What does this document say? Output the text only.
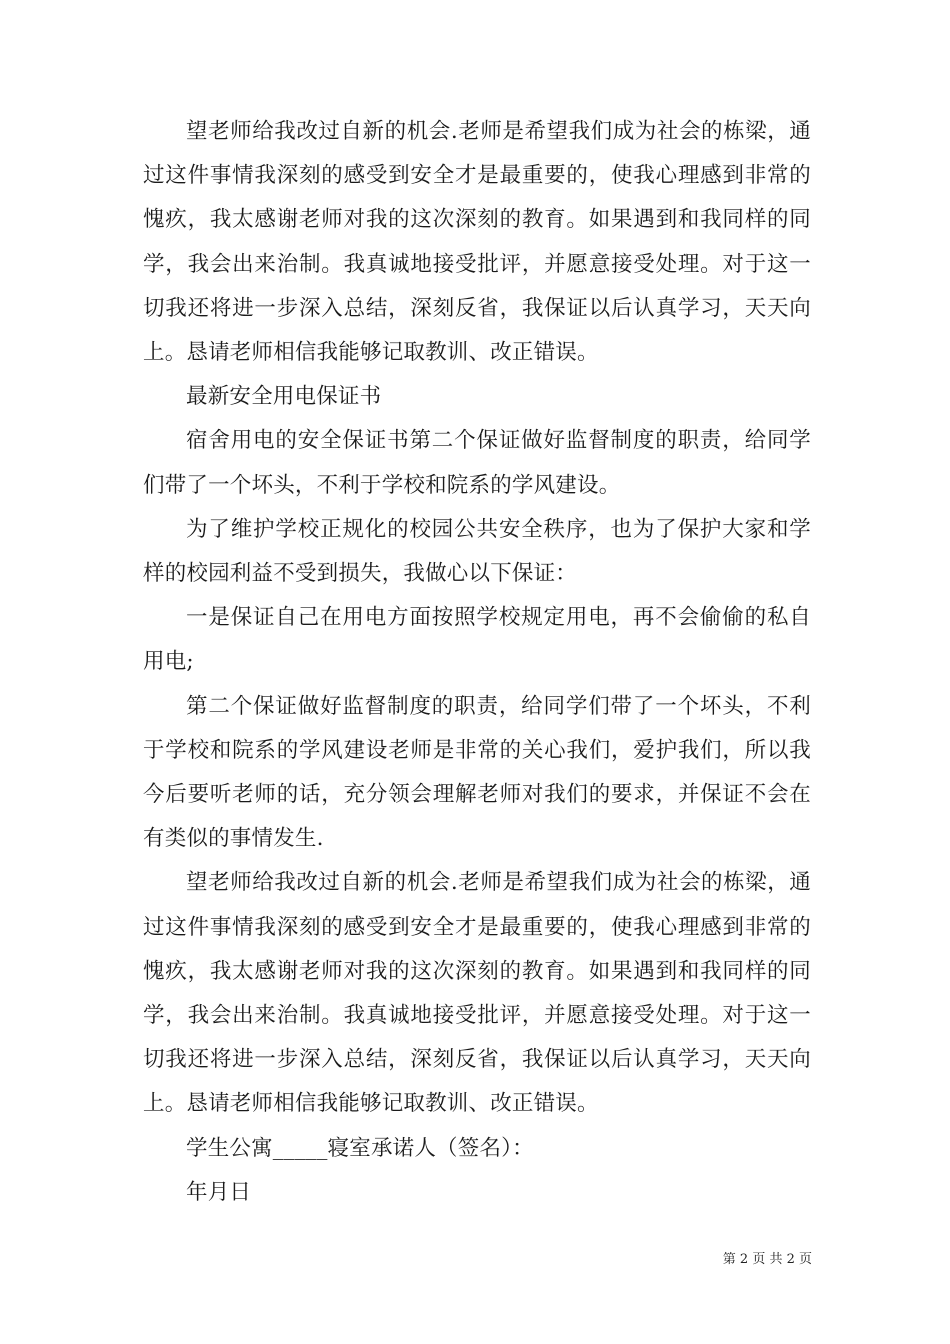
望老师给我改过自新的机会.老师是希望我们成为社会的栋梁，通过这件事情我深刻的感受到安全才是最重要的，使我心理感到非常的愧疚，我太感谢老师对我的这次深刻的教育。如果遇到和我同样的同学，我会出来治制。我真诚地接受批评，并愿意接受处理。对于这一切我还将进一步深入总结，深刻反省，我保证以后认真学习，天天向上。恳请老师相信我能够记取教训、改正错误。

最新安全用电保证书

宿舍用电的安全保证书第二个保证做好监督制度的职责，给同学们带了一个坏头，不利于学校和院系的学风建设。

为了维护学校正规化的校园公共安全秩序，也为了保护大家和学样的校园利益不受到损失，我做心以下保证：

一是保证自己在用电方面按照学校规定用电，再不会偷偷的私自用电;

第二个保证做好监督制度的职责，给同学们带了一个坏头，不利于学校和院系的学风建设老师是非常的关心我们，爱护我们，所以我今后要听老师的话，充分领会理解老师对我们的要求，并保证不会在有类似的事情发生.

望老师给我改过自新的机会.老师是希望我们成为社会的栋梁，通过这件事情我深刻的感受到安全才是最重要的，使我心理感到非常的愧疚，我太感谢老师对我的这次深刻的教育。如果遇到和我同样的同学，我会出来治制。我真诚地接受批评，并愿意接受处理。对于这一切我还将进一步深入总结，深刻反省，我保证以后认真学习，天天向上。恳请老师相信我能够记取教训、改正错误。

学生公寓_____寝室承诺人（签名）：

年月日

第 2 页 共 2 页
